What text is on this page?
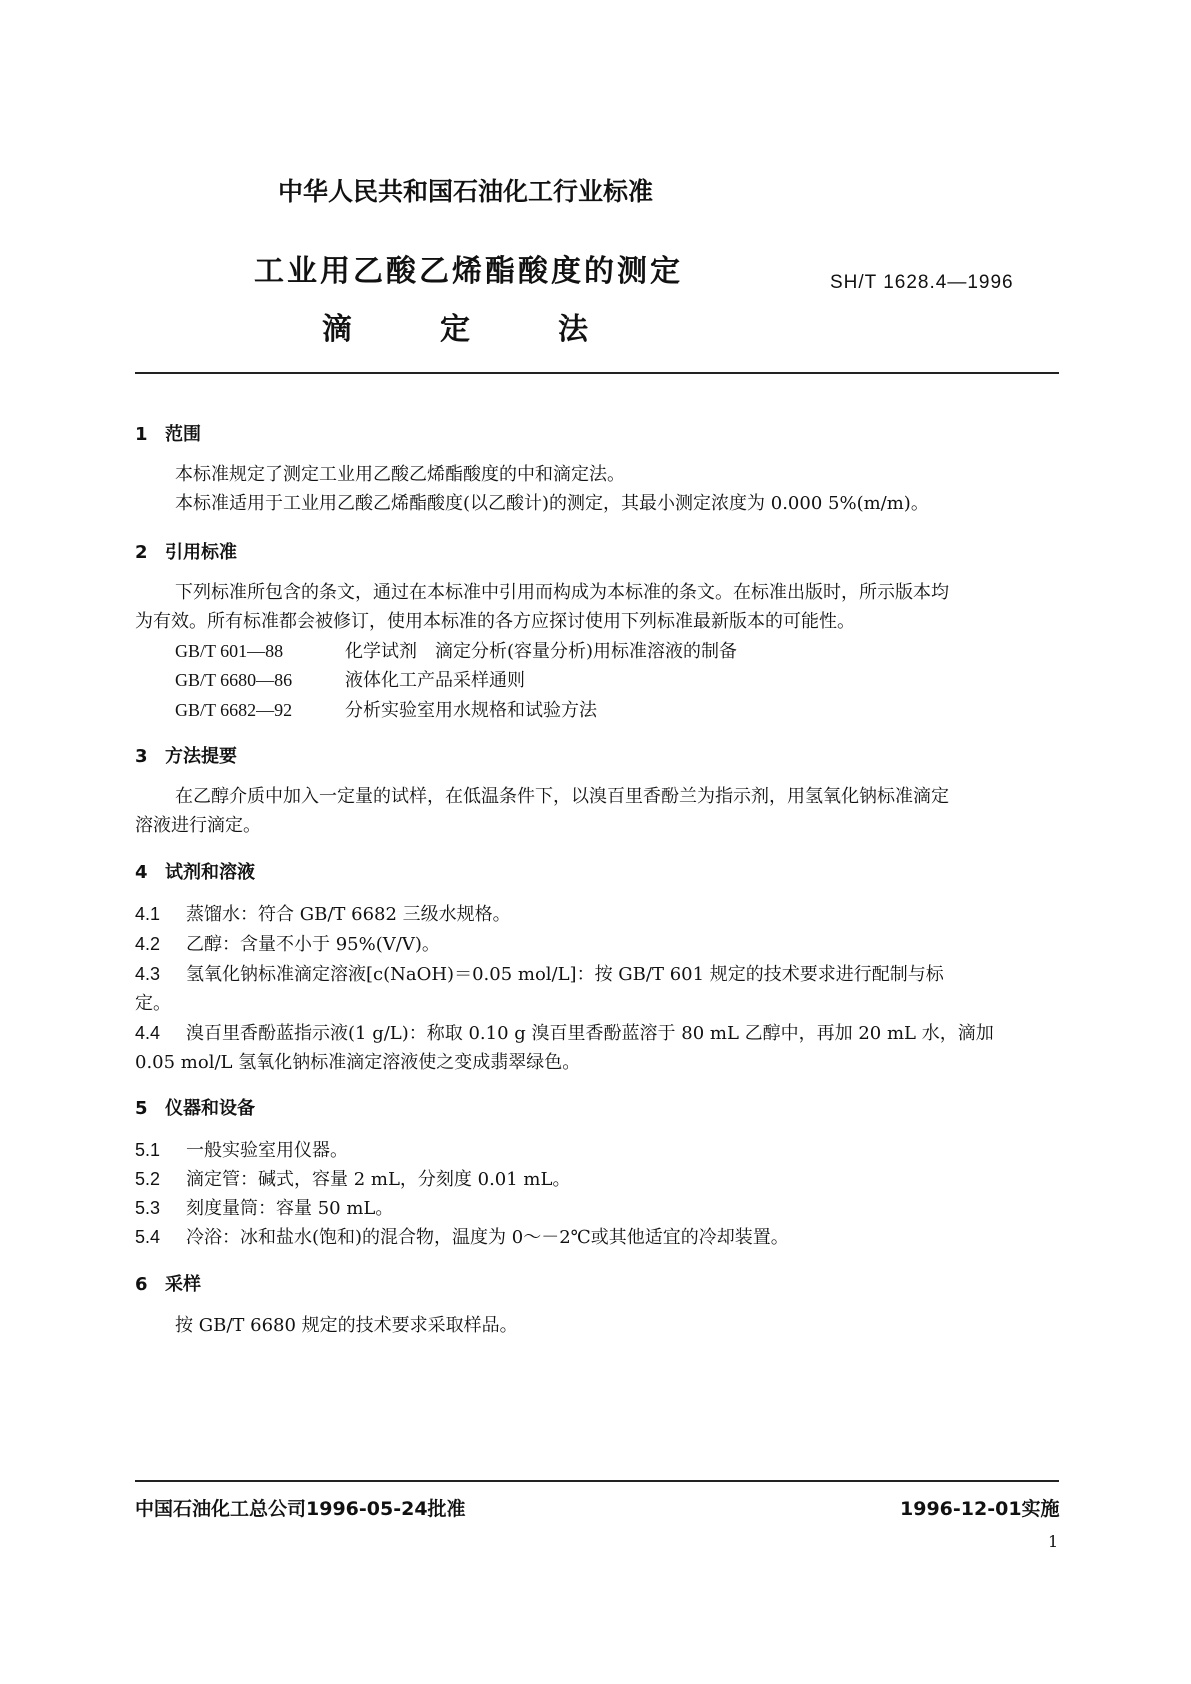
中华人民共和国石油化工行业标准
工业用乙酸乙烯酯酸度的测定
滴	定	法
SH/T 1628.4—1996
1 范围
本标准规定了测定工业用乙酸乙烯酯酸度的中和滴定法。
本标准适用于工业用乙酸乙烯酯酸度(以乙酸计)的测定，其最小测定浓度为 0.000 5%(m/m)。
2 引用标准
下列标准所包含的条文，通过在本标准中引用而构成为本标准的条文。在标准出版时，所示版本均
为有效。所有标准都会被修订，使用本标准的各方应探讨使用下列标准最新版本的可能性。
GB/T 601—88	化学试剂　滴定分析(容量分析)用标准溶液的制备
GB/T 6680—86	液体化工产品采样通则
GB/T 6682—92	分析实验室用水规格和试验方法
3 方法提要
在乙醇介质中加入一定量的试样，在低温条件下，以溴百里香酚兰为指示剂，用氢氧化钠标准滴定
溶液进行滴定。
4 试剂和溶液
4.1 蒸馏水：符合 GB/T 6682 三级水规格。
4.2 乙醇：含量不小于 95%(V/V)。
4.3 氢氧化钠标准滴定溶液[c(NaOH)＝0.05 mol/L]：按 GB/T 601 规定的技术要求进行配制与标
定。
4.4 溴百里香酚蓝指示液(1 g/L)：称取 0.10 g 溴百里香酚蓝溶于 80 mL 乙醇中，再加 20 mL 水，滴加
0.05 mol/L 氢氧化钠标准滴定溶液使之变成翡翠绿色。
5 仪器和设备
5.1 一般实验室用仪器。
5.2 滴定管：碱式，容量 2 mL，分刻度 0.01 mL。
5.3 刻度量筒：容量 50 mL。
5.4 冷浴：冰和盐水(饱和)的混合物，温度为 0～－2℃或其他适宜的冷却装置。
6 采样
按 GB/T 6680 规定的技术要求采取样品。
中国石油化工总公司1996-05-24批准	1996-12-01实施
1
